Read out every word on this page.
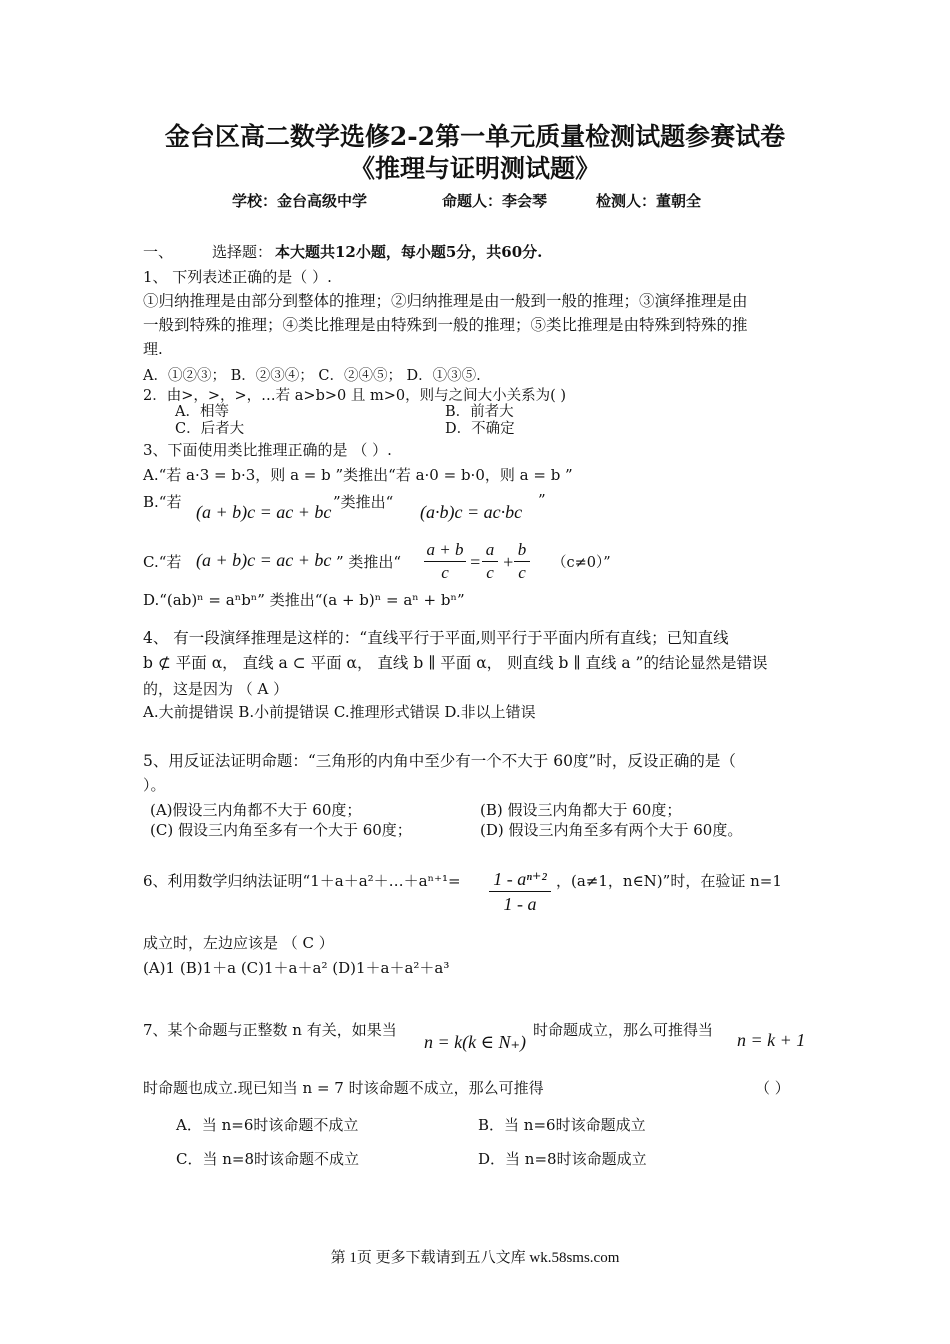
金台区高二数学选修2-2第一单元质量检测试题参赛试卷
《推理与证明测试题》
学校：金台高级中学	命题人：李会琴	检测人：董朝全
一、	选择题： 本大题共12小题，每小题5分，共60分.
1、 下列表述正确的是（ ）.
①归纳推理是由部分到整体的推理；②归纳推理是由一般到一般的推理；③演绎推理是由
一般到特殊的推理；④类比推理是由特殊到一般的推理；⑤类比推理是由特殊到特殊的推
理.
A．①②③； B．②③④； C．②④⑤； D．①③⑤.
2．由>，>，>，…若 a>b>0 且 m>0，则与之间大小关系为( )
A．相等	B．前者大
C．后者大	D．不确定
3、下面使用类比推理正确的是 （ ）.
A.“若 a·3 = b·3，则 a = b ”类推出“若 a·0 = b·0，则 a = b ”
B.“若 (a + b)c = ac + bc ”类推出“ (a·b)c = ac·bc
”
C.“若 (a + b)c = ac + bc ” 类推出“
a + b
c
=
a
c
+
b
c （c≠0）”
D.“(ab)ⁿ = aⁿbⁿ” 类推出“(a + b)ⁿ = aⁿ + bⁿ”
4、 有一段演绎推理是这样的：“直线平行于平面,则平行于平面内所有直线；已知直线
b ⊄ 平面 α， 直线 a ⊂ 平面 α， 直线 b ∥ 平面 α， 则直线 b ∥ 直线 a ”的结论显然是错误
的，这是因为 （ A ）
A.大前提错误 B.小前提错误 C.推理形式错误 D.非以上错误
5、用反证法证明命题：“三角形的内角中至少有一个不大于 60度”时，反设正确的是（
）。
(A)假设三内角都不大于 60度；	(B) 假设三内角都大于 60度；
(C) 假设三内角至多有一个大于 60度；	(D) 假设三内角至多有两个大于 60度。
6、利用数学归纳法证明“1＋a＋a²＋…＋aⁿ⁺¹= 1 - aⁿ⁺²
1 - a
，(a≠1，n∈N)”时，在验证 n=1
成立时，左边应该是 （ C ）
(A)1 (B)1＋a (C)1＋a＋a² (D)1＋a＋a²＋a³
7、某个命题与正整数 n 有关，如果当
n = k(k ∈ N₊)
时命题成立，那么可推得当 n = k + 1
时命题也成立.现已知当 n = 7 时该命题不成立，那么可推得	（ ）
A．当 n=6时该命题不成立	B．当 n=6时该命题成立
C．当 n=8时该命题不成立	D．当 n=8时该命题成立
第 1页 更多下载请到五八文库 wk.58sms.com
